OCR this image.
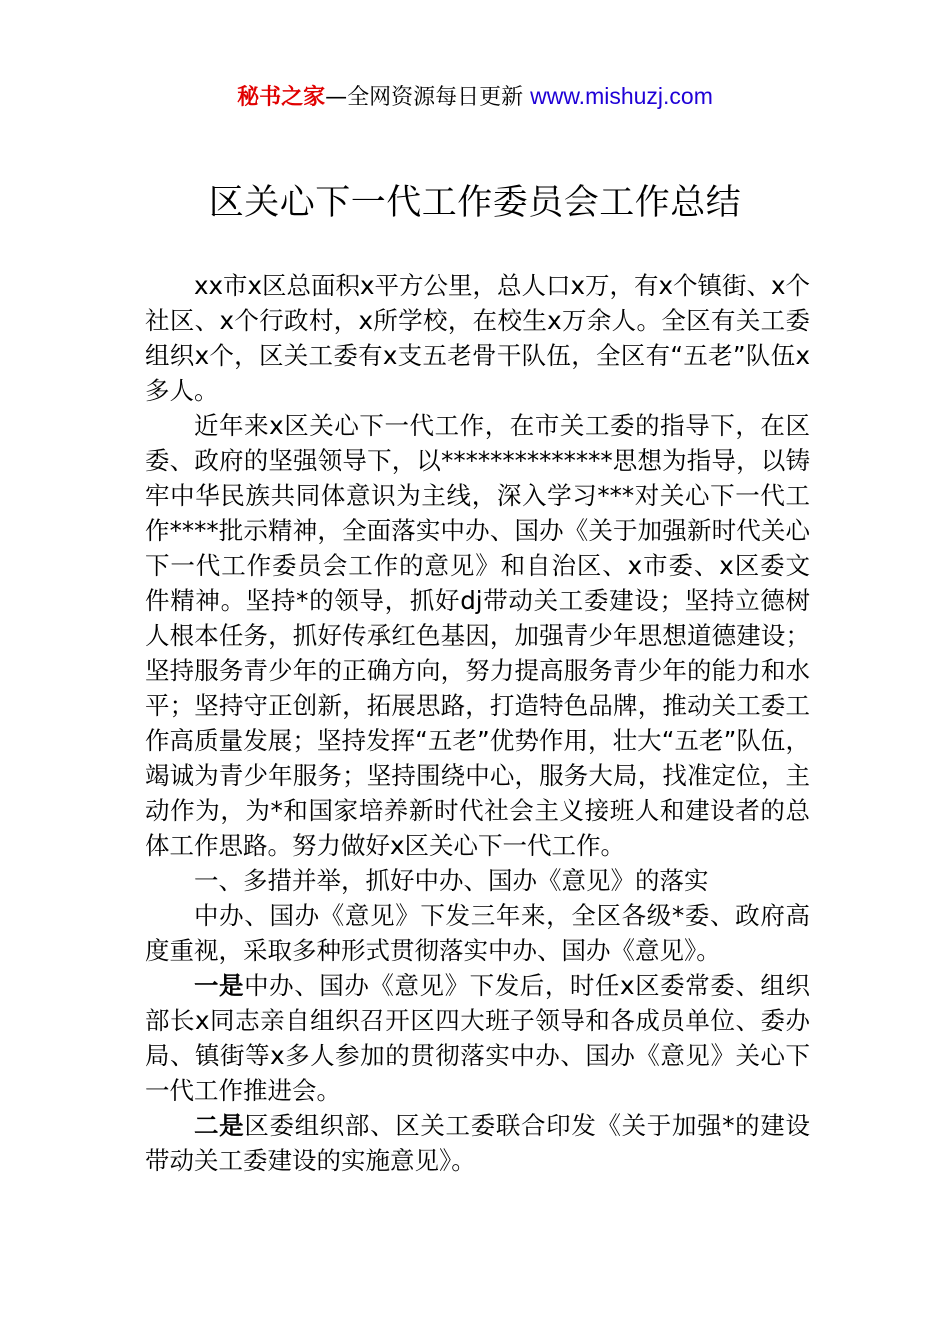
秘书之家—全网资源每日更新 www.mishuzj.com
区关心下一代工作委员会工作总结

xx市x区总面积x平方公里，总人口x万，有x个镇街、x个社区、x个行政村，x所学校，在校生x万余人。全区有关工委组织x个，区关工委有x支五老骨干队伍，全区有“五老”队伍x多人。

近年来x区关心下一代工作，在市关工委的指导下，在区委、政府的坚强领导下，以**************思想为指导，以铸牢中华民族共同体意识为主线，深入学习***对关心下一代工作****批示精神，全面落实中办、国办《关于加强新时代关心下一代工作委员会工作的意见》和自治区、x市委、x区委文件精神。坚持*的领导，抓好dj带动关工委建设；坚持立德树人根本任务，抓好传承红色基因，加强青少年思想道德建设；坚持服务青少年的正确方向，努力提高服务青少年的能力和水平；坚持守正创新，拓展思路，打造特色品牌，推动关工委工作高质量发展；坚持发挥“五老”优势作用，壮大“五老”队伍，竭诚为青少年服务；坚持围绕中心，服务大局，找准定位，主动作为，为*和国家培养新时代社会主义接班人和建设者的总体工作思路。努力做好x区关心下一代工作。

一、多措并举，抓好中办、国办《意见》的落实

中办、国办《意见》下发三年来，全区各级*委、政府高度重视，采取多种形式贯彻落实中办、国办《意见》。

一是中办、国办《意见》下发后，时任x区委常委、组织部长x同志亲自组织召开区四大班子领导和各成员单位、委办局、镇街等x多人参加的贯彻落实中办、国办《意见》关心下一代工作推进会。

二是区委组织部、区关工委联合印发《关于加强*的建设带动关工委建设的实施意见》。
